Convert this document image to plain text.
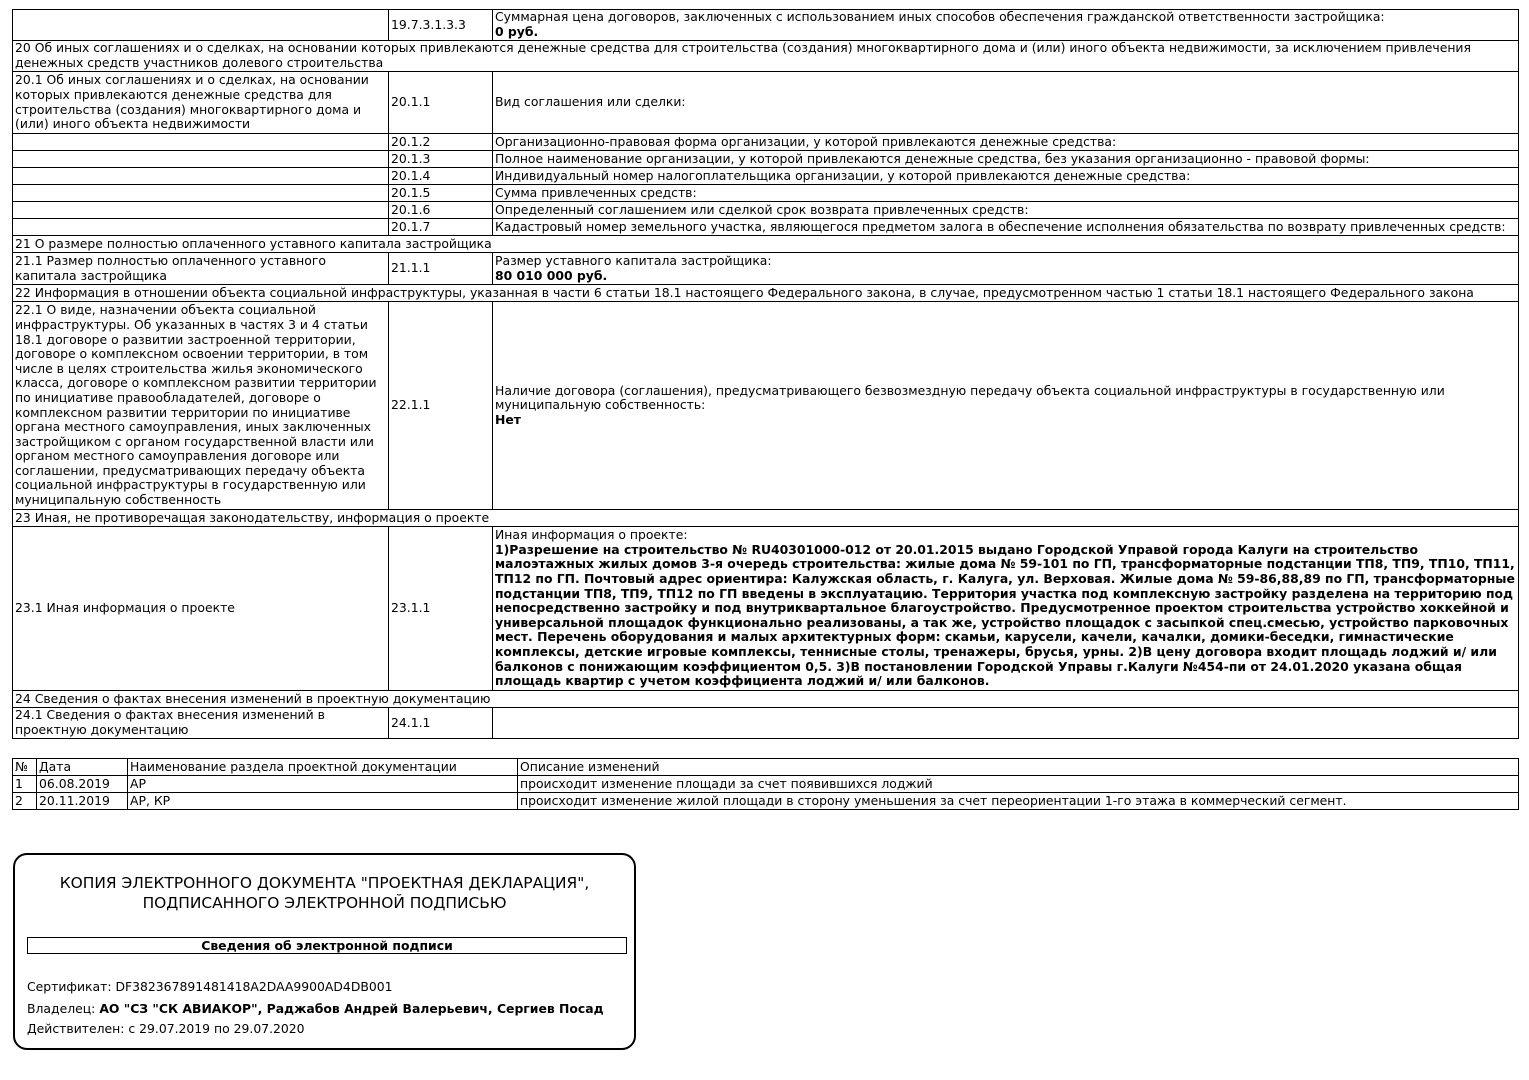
	19.7.3.1.3.3	Суммарная цена договоров, заключенных с использованием иных способов обеспечения гражданской ответственности застройщика:
0 руб.

20 Об иных соглашениях и о сделках, на основании которых привлекаются денежные средства для строительства (создания) многоквартирного дома и (или) иного объекта недвижимости, за исключением привлечения денежных средств участников долевого строительства		
20.1 Об иных соглашениях и о сделках, на основании которых привлекаются денежные средства для строительства (создания) многоквартирного дома и (или) иного объекта недвижимости	20.1.1	Вид соглашения или сделки:
	20.1.2	Организационно-правовая форма организации, у которой привлекаются денежные средства:
	20.1.3	Полное наименование организации, у которой привлекаются денежные средства, без указания организационно - правовой формы:
	20.1.4	Индивидуальный номер налогоплательщика организации, у которой привлекаются денежные средства:
	20.1.5	Сумма привлеченных средств:
	20.1.6	Определенный соглашением или сделкой срок возврата привлеченных средств:
	20.1.7	Кадастровый номер земельного участка, являющегося предметом залога в обеспечение исполнения обязательства по возврату привлеченных средств:
21 О размере полностью оплаченного уставного капитала застройщика		
21.1 Размер полностью оплаченного уставного капитала застройщика	21.1.1	Размер уставного капитала застройщика:
80 010 000 руб.

22 Информация в отношении объекта социальной инфраструктуры, указанная в части 6 статьи 18.1 настоящего Федерального закона, в случае, предусмотренном частью 1 статьи 18.1 настоящего Федерального закона		
22.1 О виде, назначении объекта социальной инфраструктуры. Об указанных в частях 3 и 4 статьи 18.1 договоре о развитии застроенной территории, договоре о комплексном освоении территории, в том числе в целях строительства жилья экономического класса, договоре о комплексном развитии территории по инициативе правообладателей, договоре о комплексном развитии территории по инициативе органа местного самоуправления, иных заключенных застройщиком с органом государственной власти или органом местного самоуправления договоре или соглашении, предусматривающих передачу объекта социальной инфраструктуры в государственную или муниципальную собственность	22.1.1	Наличие договора (соглашения), предусматривающего безвозмездную передачу объекта социальной инфраструктуры в государственную или муниципальную собственность:
Нет

23 Иная, не противоречащая законодательству, информация о проекте		
23.1 Иная информация о проекте	23.1.1	Иная информация о проекте:
1)Разрешение на строительство № RU40301000-012 от 20.01.2015 выдано Городской Управой города Калуги на строительство малоэтажных жилых домов 3-я очередь строительства: жилые дома № 59-101 по ГП, трансформаторные подстанции ТП8, ТП9, ТП10, ТП11, ТП12 по ГП. Почтовый адрес ориентира: Калужская область, г. Калуга, ул. Верховая. Жилые дома № 59-86,88,89 по ГП, трансформаторные подстанции ТП8, ТП9, ТП12 по ГП введены в эксплуатацию. Территория участка под комплексную застройку разделена на территорию под непосредственно застройку и под внутриквартальное благоустройство. Предусмотренное проектом строительства устройство хоккейной и универсальной площадок функционально реализованы, а так же, устройство площадок с засыпкой спец.смесью, устройство парковочных мест. Перечень оборудования и малых архитектурных форм: скамьи, карусели, качели, качалки, домики-беседки, гимнастические комплексы, детские игровые комплексы, теннисные столы, тренажеры, брусья, урны. 2)В цену договора входит площадь лоджий и/ или балконов с понижающим коэффициентом 0,5. 3)В постановлении Городской Управы г.Калуги №454-пи от 24.01.2020 указана общая площадь квартир с учетом коэффициента лоджий и/ или балконов.

24 Сведения о фактах внесения изменений в проектную документацию		
24.1 Сведения о фактах внесения изменений в проектную документацию	24.1.1	
№	Дата	Наименование раздела проектной документации	Описание изменений
1	06.08.2019	АР	происходит изменение площади за счет появившихся лоджий
2	20.11.2019	АР, КР	происходит изменение жилой площади в сторону уменьшения за счет переориентации 1-го этажа в коммерческий сегмент.
КОПИЯ ЭЛЕКТРОННОГО ДОКУМЕНТА "ПРОЕКТНАЯ ДЕКЛАРАЦИЯ",
ПОДПИСАННОГО ЭЛЕКТРОННОЙ ПОДПИСЬЮ
Сведения об электронной подписи
Сертификат: DF382367891481418A2DAA9900AD4DB001
Владелец: АО "СЗ "СК АВИАКОР", Раджабов Андрей Валерьевич, Сергиев Посад
Действителен: с 29.07.2019 по 29.07.2020
